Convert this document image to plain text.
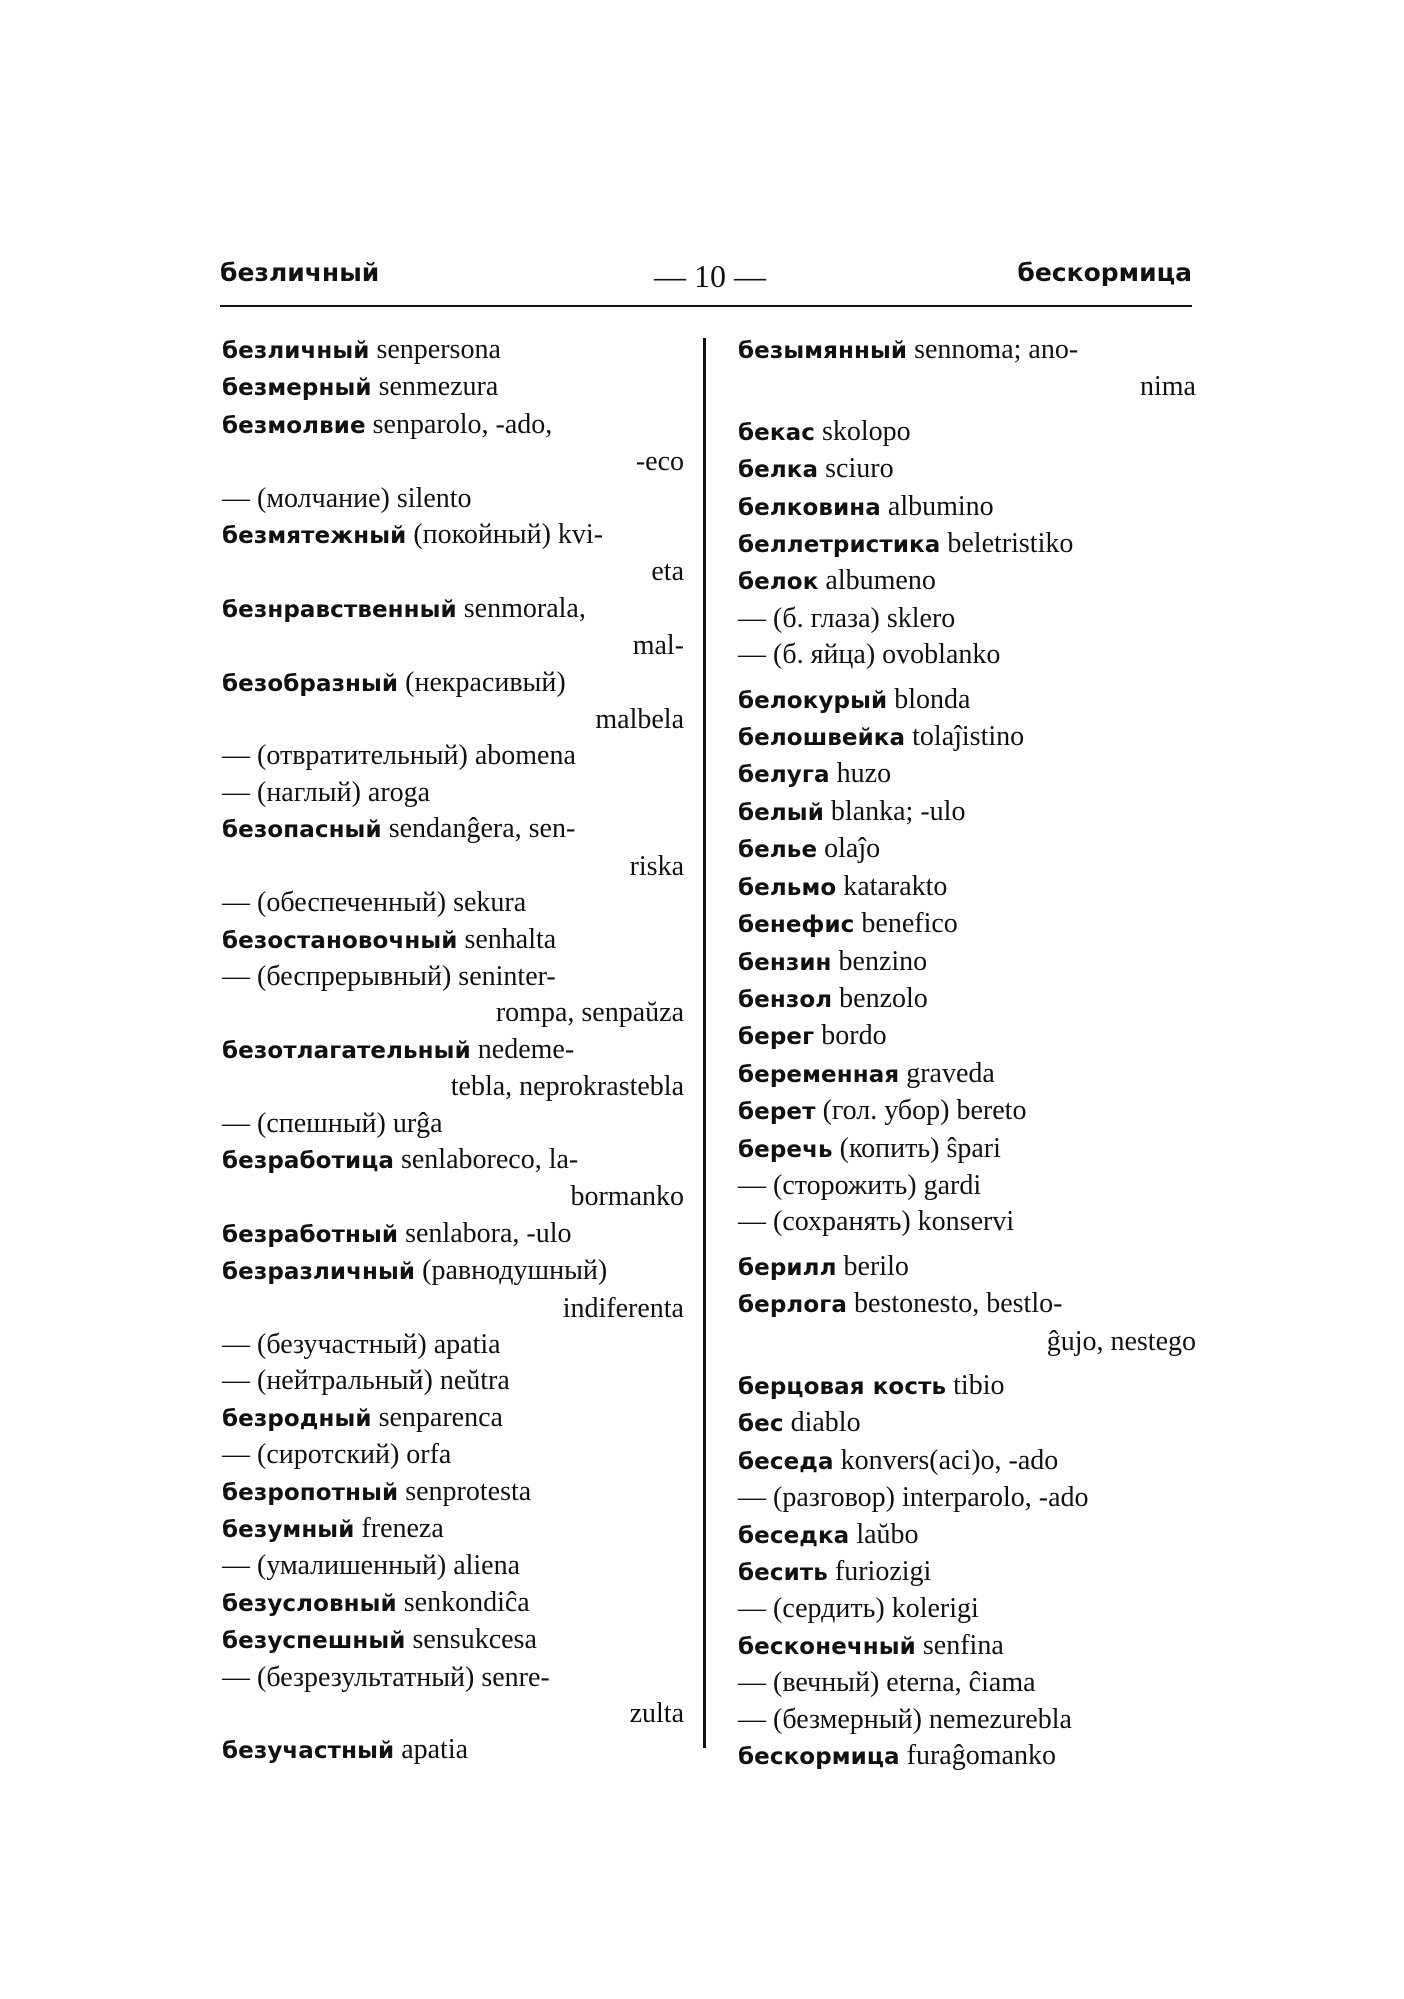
безличный	— 10 —	бескормица
безличный senpersona
безмерный senmezura
безмолвие senparolo, -ado,
-eco
— (молчание) silento
безмятежный (покойный) kvi-
eta
безнравственный senmorala,
mal-
безобразный (некрасивый)
malbela
— (отвратительный) abomena
— (наглый) aroga
безопасный sendanĝera, sen-
riska
— (обеспеченный) sekura
безостановочный senhalta
— (беспрерывный) seninter-
rompa, senpaŭza
безотлагательный nedeme-
tebla, neprokrastebla
— (спешный) urĝa
безработица senlaboreco, la-
bormanko
безработный senlabora, -ulo
безразличный (равнодушный)
indiferenta
— (безучастный) apatia
— (нейтральный) neŭtra
безродный senparenca
— (сиротский) orfa
безропотный senprotesta
безумный freneza
— (умалишенный) aliena
безусловный senkondiĉa
безуспешный sensukcesa
— (безрезультатный) senre-
zulta
безучастный apatia
безымянный sennoma; ano-
nima
бекас skolopo
белка sciuro
белковина albumino
беллетристика beletristiko
белок albumeno
— (б. глаза) sklero
— (б. яйца) ovoblanko
белокурый blonda
белошвейка tolaĵistino
белуга huzo
белый blanka; -ulo
белье olaĵo
бельмо katarakto
бенефис benefico
бензин benzino
бензол benzolo
берег bordo
беременная graveda
берет (гол. убор) bereto
беречь (копить) ŝpari
— (сторожить) gardi
— (сохранять) konservi
берилл berilo
берлога bestonesto, bestlo-
ĝujo, nestego
берцовая кость tibio
бес diablo
беседа konvers(aci)o, -ado
— (разговор) interparolo, -ado
беседка laŭbo
бесить furiozigi
— (сердить) kolerigi
бесконечный senfina
— (вечный) eterna, ĉiama
— (безмерный) nemezurebla
бескормица furaĝomanko
